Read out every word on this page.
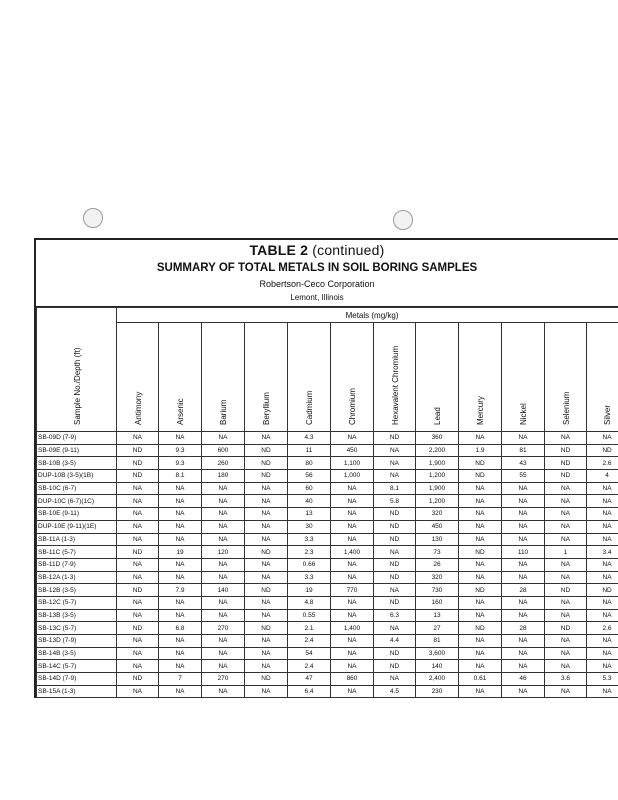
TABLE 2 (continued)
SUMMARY OF TOTAL METALS IN SOIL BORING SAMPLES
Robertson-Ceco Corporation
Lemont, Illinois
Sample No./Depth (ft)	Metals (mg/kg)											

	Antimony	Arsenic	Barium	Beryllium	Cadmium	Chromium	Hexavalent Chromium	Lead	Mercury	Nickel	Selenium	Silver

SB-09D (7-9)	NA	NA	NA	NA	4.3	NA	ND	360	NA	NA	NA	NA
SB-09E (9-11)	ND	9.3	600	ND	11	450	NA	2,200	1.9	81	ND	ND
SB-10B (3-5)	ND	9.3	260	ND	80	1,100	NA	1,900	ND	43	ND	2.6
DUP-10B (3-5)(1B)	ND	8.1	180	ND	56	1,000	NA	1,200	ND	55	ND	4
SB-10C (6-7)	NA	NA	NA	NA	60	NA	8.1	1,900	NA	NA	NA	NA
DUP-10C (6-7)(1C)	NA	NA	NA	NA	40	NA	5.8	1,200	NA	NA	NA	NA
SB-10E (9-11)	NA	NA	NA	NA	13	NA	ND	320	NA	NA	NA	NA
DUP-10E (9-11)(1E)	NA	NA	NA	NA	30	NA	ND	450	NA	NA	NA	NA
SB-11A (1-3)	NA	NA	NA	NA	3.3	NA	ND	130	NA	NA	NA	NA
SB-11C (5-7)	ND	19	120	ND	2.3	1,400	NA	73	ND	110	1	3.4
SB-11D (7-9)	NA	NA	NA	NA	0.66	NA	ND	26	NA	NA	NA	NA
SB-12A (1-3)	NA	NA	NA	NA	3.3	NA	ND	320	NA	NA	NA	NA
SB-12B (3-5)	ND	7.9	140	ND	19	770	NA	730	ND	28	ND	ND
SB-12C (5-7)	NA	NA	NA	NA	4.8	NA	ND	160	NA	NA	NA	NA
SB-13B (3-5)	NA	NA	NA	NA	0.55	NA	6.3	13	NA	NA	NA	NA
SB-13C (5-7)	ND	6.8	270	ND	2.1	1,400	NA	27	ND	28	ND	2.6
SB-13D (7-9)	NA	NA	NA	NA	2.4	NA	4.4	81	NA	NA	NA	NA
SB-14B (3-5)	NA	NA	NA	NA	54	NA	ND	3,600	NA	NA	NA	NA
SB-14C (5-7)	NA	NA	NA	NA	2.4	NA	ND	140	NA	NA	NA	NA
SB-14D (7-9)	ND	7	270	ND	47	860	NA	2,400	0.61	46	3.6	5.3
SB-15A (1-3)	NA	NA	NA	NA	6.4	NA	4.5	230	NA	NA	NA	NA
